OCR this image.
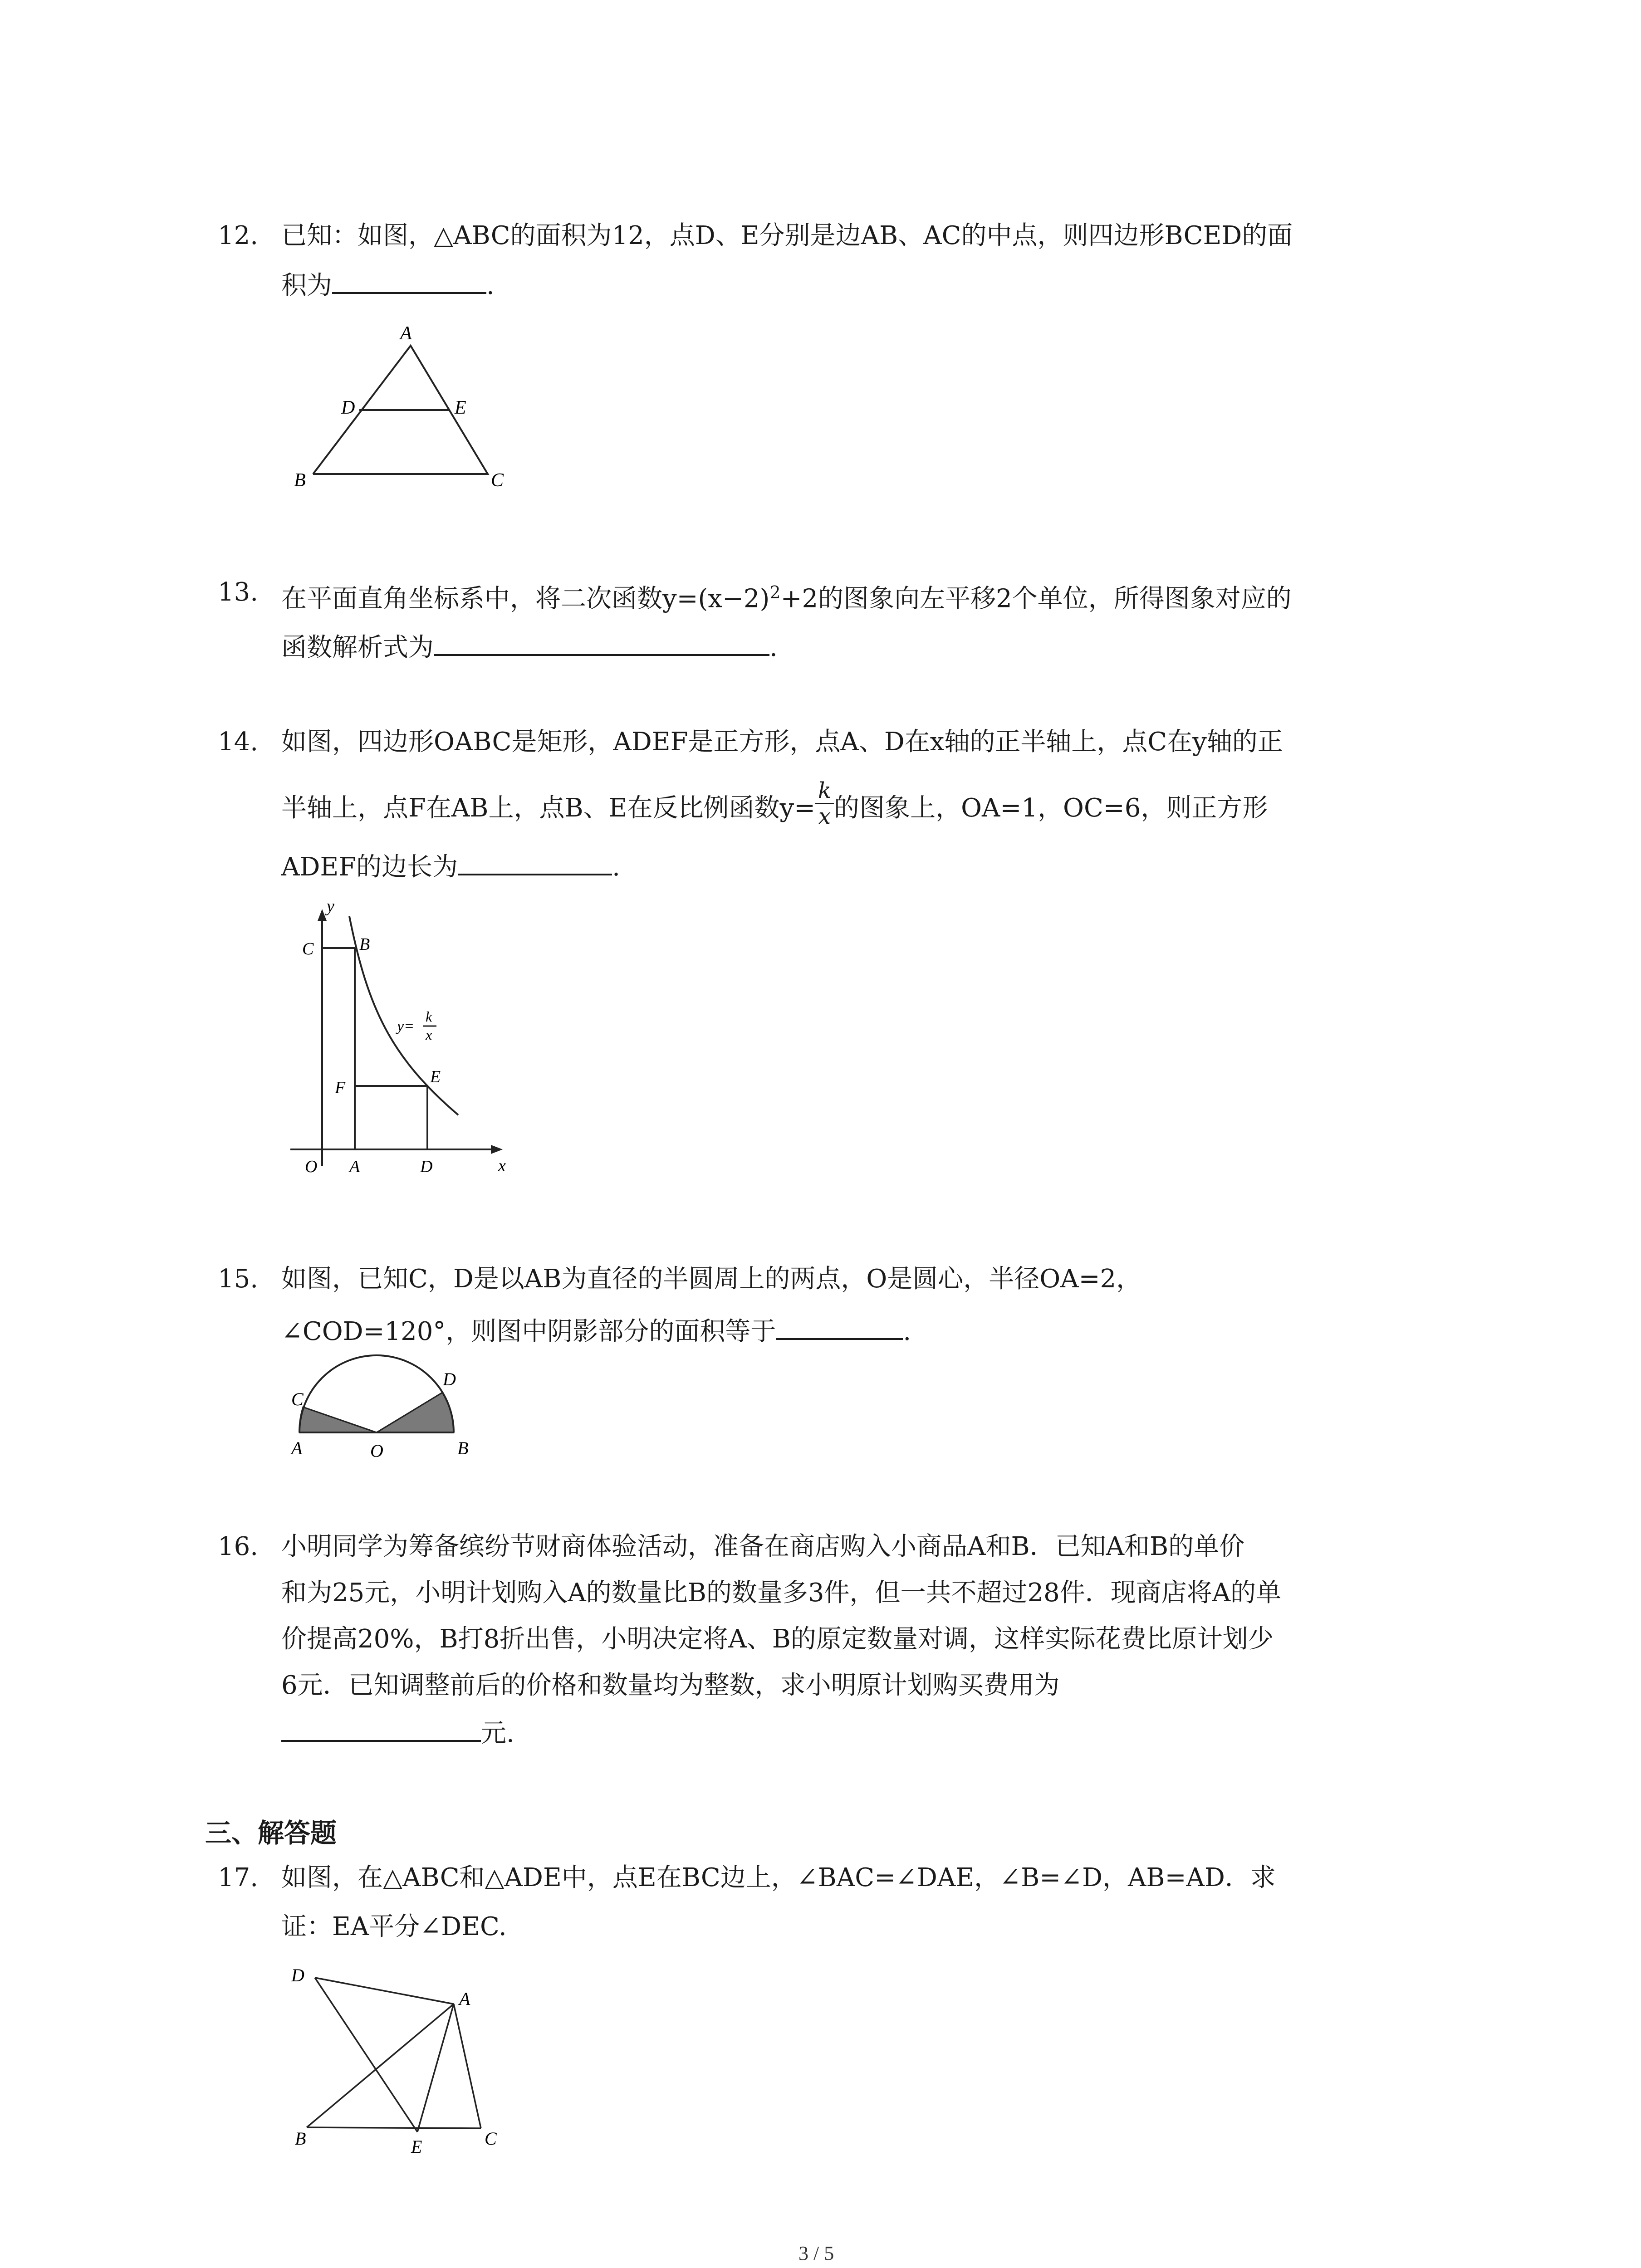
12. 已知：如图，△ABC的面积为12，点D、E分别是边AB、AC的中点，则四边形BCED的面
积为	.
A
D	E
B	C
13. 在平面直角坐标系中，将二次函数$y=(x-2)^2+2$的图象向左平移2个单位，所得图象对应的
函数解析式为	.
14. 如图，四边形OABC是矩形，ADEF是正方形，点A、D在x轴的正半轴上，点C在y轴的正
半轴上，点F在AB上，点B、E在反比例函数$y= \frac{k}{x}$ 的图象上，OA=1，OC=6，则正方形
ADEF的边长为	.
y
x
C	B
F
E
O A	D
y=
k
x
15. 如图，已知C，D是以AB为直径的半圆周上的两点，O是圆心，半径OA=2，
∠COD=120°，则图中阴影部分的面积等于	.
C
D
A	O	B
16. 小明同学为筹备缤纷节财商体验活动，准备在商店购入小商品A和B．已知A和B的单价
和为25元，小明计划购入A的数量比B的数量多3件，但一共不超过28件．现商店将A的单
价提高20%，B打8折出售，小明决定将A、B的原定数量对调，这样实际花费比原计划少
6元．已知调整前后的价格和数量均为整数，求小明原计划购买费用为
元.
三、解答题
17. 如图，在△ABC和△ADE中，点E在BC边上，∠BAC=∠DAE，∠B=∠D，AB=AD．求
证：EA平分∠DEC.
D
A
B	E	C
3 / 5
